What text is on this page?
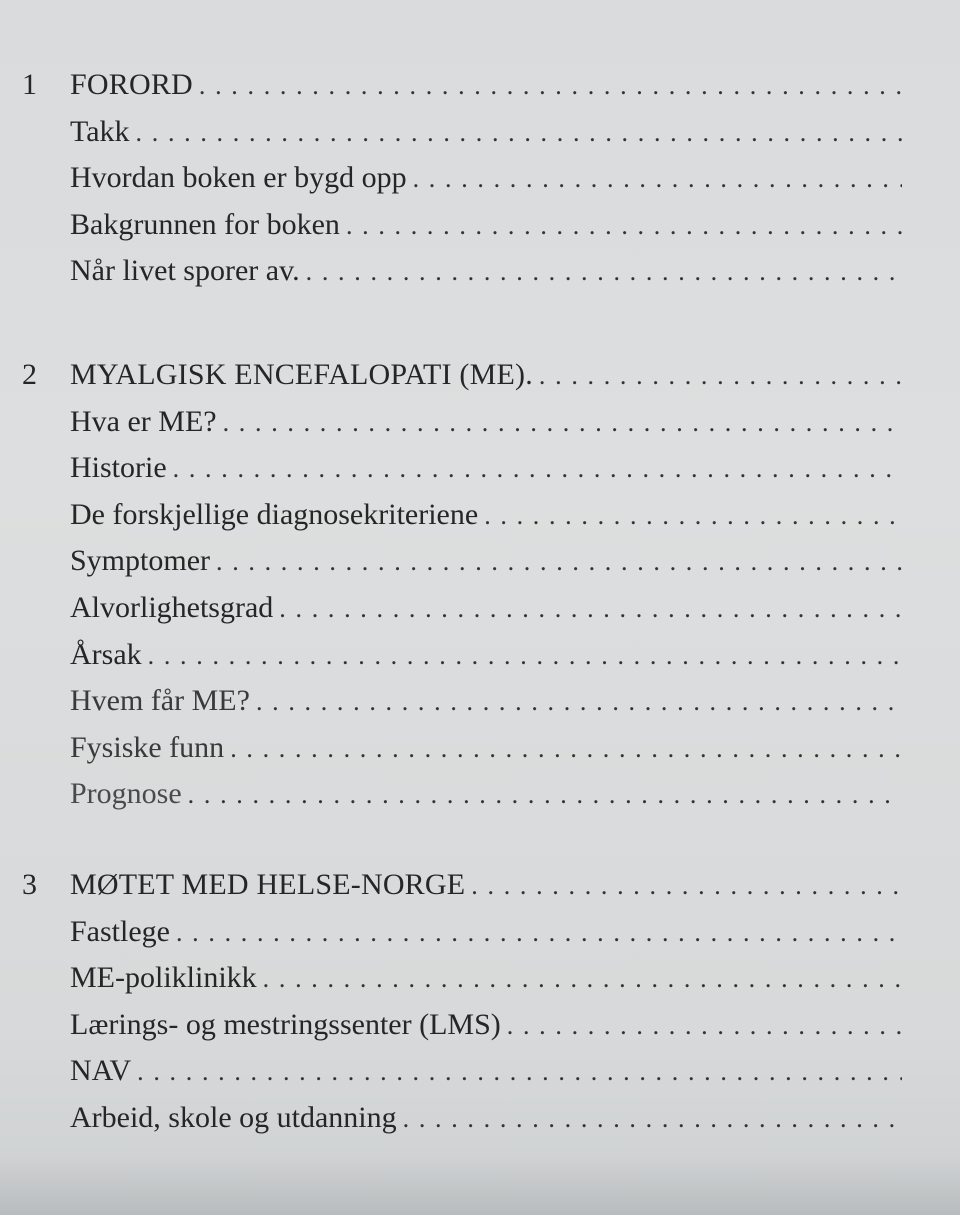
1 FORORD
. . .
Takk
. . .
Hvordan boken er bygd opp
. . .
Bakgrunnen for boken
. . .
Når livet sporer av.
. . .
2 MYALGISK ENCEFALOPATI (ME).
. . .
Hva er ME?
. . .
Historie
. . .
De forskjellige diagnosekriteriene
. . .
Symptomer
. . .
Alvorlighetsgrad
. . .
Årsak
. . .
Hvem får ME?
. . .
Fysiske funn
. . .
Prognose
. . .
3 MØTET MED HELSE-NORGE
. . .
Fastlege
. . .
ME-poliklinikk
. . .
Lærings- og mestringssenter (LMS)
. . .
NAV
. . .
Arbeid, skole og utdanning
. . .
